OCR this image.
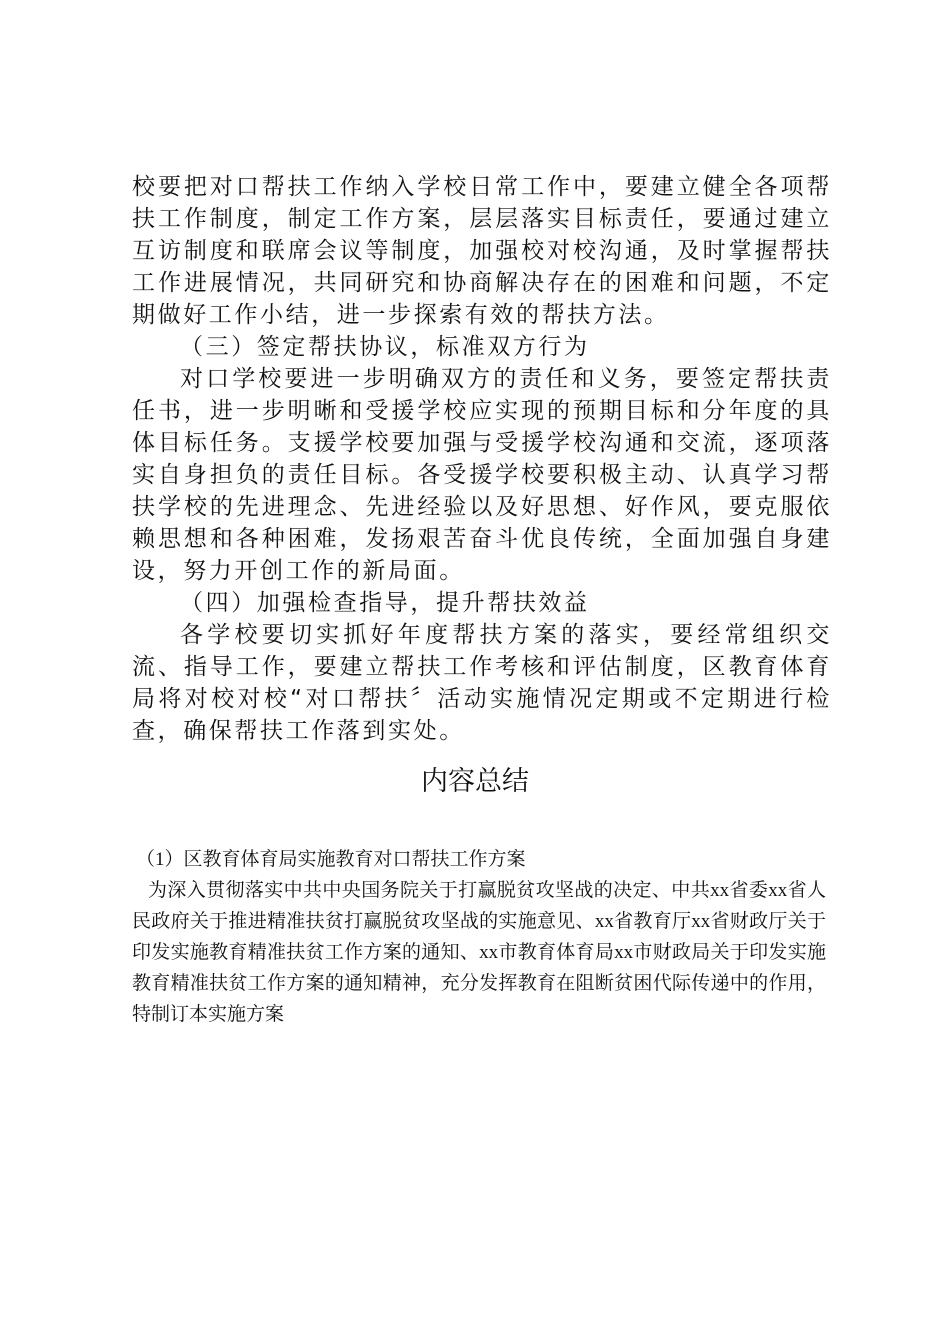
校要把对口帮扶工作纳入学校日常工作中，要建立健全各项帮扶工作制度，制定工作方案，层层落实目标责任，要通过建立互访制度和联席会议等制度，加强校对校沟通，及时掌握帮扶工作进展情况，共同研究和协商解决存在的困难和问题，不定期做好工作小结，进一步探索有效的帮扶方法。

（三）签定帮扶协议，标准双方行为

对口学校要进一步明确双方的责任和义务，要签定帮扶责任书，进一步明晰和受援学校应实现的预期目标和分年度的具体目标任务。支援学校要加强与受援学校沟通和交流，逐项落实自身担负的责任目标。各受援学校要积极主动、认真学习帮扶学校的先进理念、先进经验以及好思想、好作风，要克服依赖思想和各种困难，发扬艰苦奋斗优良传统，全面加强自身建设，努力开创工作的新局面。

（四）加强检查指导，提升帮扶效益

各学校要切实抓好年度帮扶方案的落实，要经常组织交流、指导工作，要建立帮扶工作考核和评估制度，区教育体育局将对校对校“对口帮扶〞活动实施情况定期或不定期进行检查，确保帮扶工作落到实处。

内容总结

（1）区教育体育局实施教育对口帮扶工作方案

为深入贯彻落实中共中央国务院关于打赢脱贫攻坚战的决定、中共xx省委xx省人民政府关于推进精准扶贫打赢脱贫攻坚战的实施意见、xx省教育厅xx省财政厅关于印发实施教育精准扶贫工作方案的通知、xx市教育体育局xx市财政局关于印发实施教育精准扶贫工作方案的通知精神，充分发挥教育在阻断贫困代际传递中的作用，特制订本实施方案
